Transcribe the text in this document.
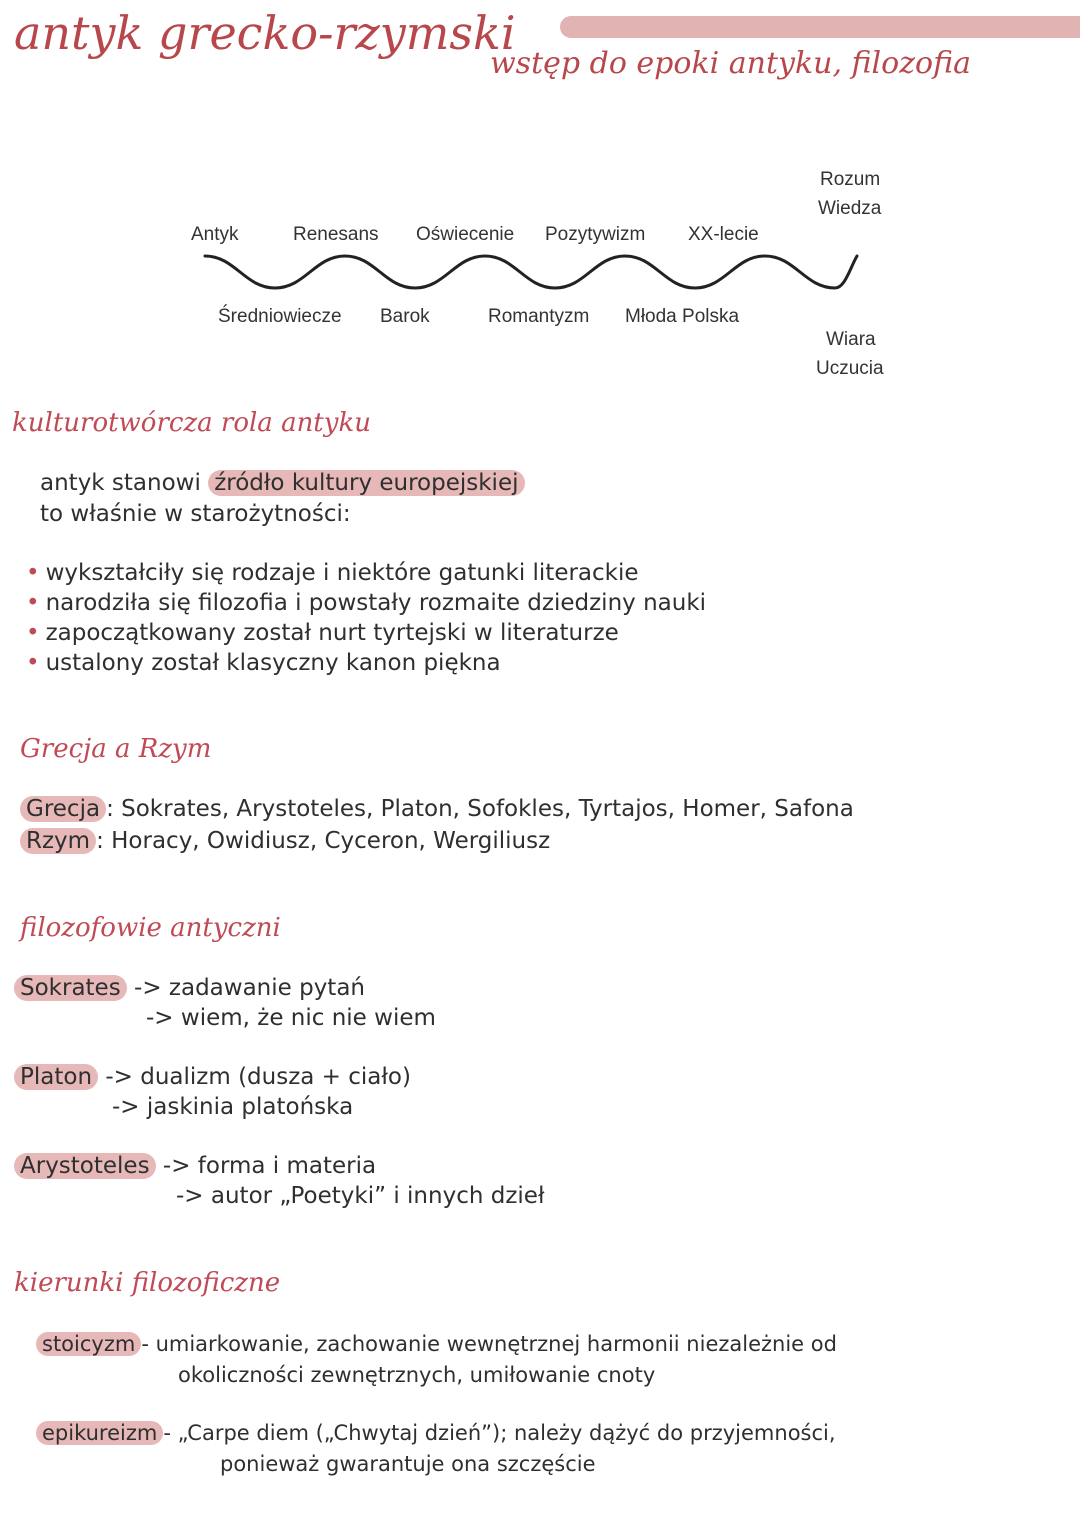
antyk grecko-rzymski
wstęp do epoki antyku, filozofia
Antyk	Renesans Oświecenie Pozytywizm XX-lecie
Średniowiecze Barok	Romantyzm Młoda Polska
Rozum
Wiedza
Wiara
Uczucia
kulturotwórcza rola antyku
antyk stanowi źródło kultury europejskiej
to właśnie w starożytności:
• wykształciły się rodzaje i niektóre gatunki literackie
• narodziła się filozofia i powstały rozmaite dziedziny nauki
• zapoczątkowany został nurt tyrtejski w literaturze
• ustalony został klasyczny kanon piękna
Grecja a Rzym
Grecja : Sokrates, Arystoteles, Platon, Sofokles, Tyrtajos, Homer, Safona
Rzym : Horacy, Owidiusz, Cyceron, Wergiliusz
filozofowie antyczni
Sokrates -> zadawanie pytań
-> wiem, że nic nie wiem
Platon -> dualizm (dusza + ciało)
-> jaskinia platońska
Arystoteles -> forma i materia
-> autor „Poetyki” i innych dzieł
kierunki filozoficzne
stoicyzm - umiarkowanie, zachowanie wewnętrznej harmonii niezależnie od
okoliczności zewnętrznych, umiłowanie cnoty
epikureizm - „Carpe diem („Chwytaj dzień”); należy dążyć do przyjemności,
ponieważ gwarantuje ona szczęście
